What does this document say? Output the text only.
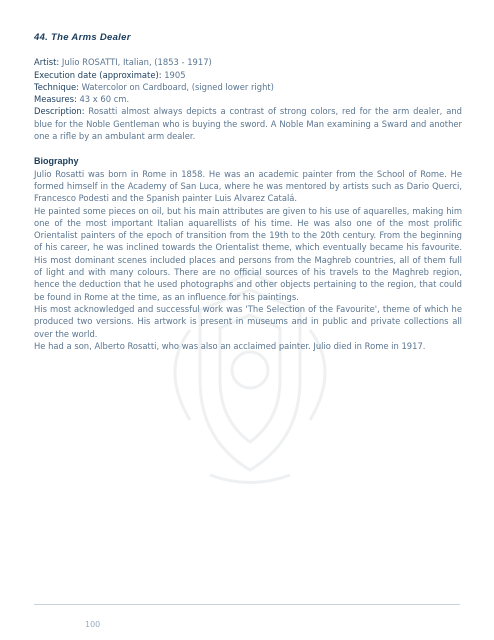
44. The Arms Dealer
Artist: Julio ROSATTI, Italian, (1853 - 1917)
Execution date (approximate): 1905
Technique: Watercolor on Cardboard, (signed lower right)
Measures: 43 x 60 cm.
Description: Rosatti almost always depicts a contrast of strong colors, red for the arm dealer, and blue for the Noble Gentleman who is buying the sword. A Noble Man examining a Sward and another one a rifle by an ambulant arm dealer.
Biography

Julio Rosatti was born in Rome in 1858. He was an academic painter from the School of Rome. He formed himself in the Academy of San Luca, where he was mentored by artists such as Dario Querci, Francesco Podesti and the Spanish painter Luis Alvarez Catalá.

He painted some pieces on oil, but his main attributes are given to his use of aquarelles, making him one of the most important Italian aquarellists of his time. He was also one of the most prolific Orientalist painters of the epoch of transition from the 19th to the 20th century. From the beginning of his career, he was inclined towards the Orientalist theme, which eventually became his favourite. His most dominant scenes included places and persons from the Maghreb countries, all of them full of light and with many colours. There are no official sources of his travels to the Maghreb region, hence the deduction that he used photographs and other objects pertaining to the region, that could be found in Rome at the time, as an influence for his paintings.

His most acknowledged and successful work was 'The Selection of the Favourite', theme of which he produced two versions. His artwork is present in museums and in public and private collections all over the world.

He had a son, Alberto Rosatti, who was also an acclaimed painter. Julio died in Rome in 1917.

100
